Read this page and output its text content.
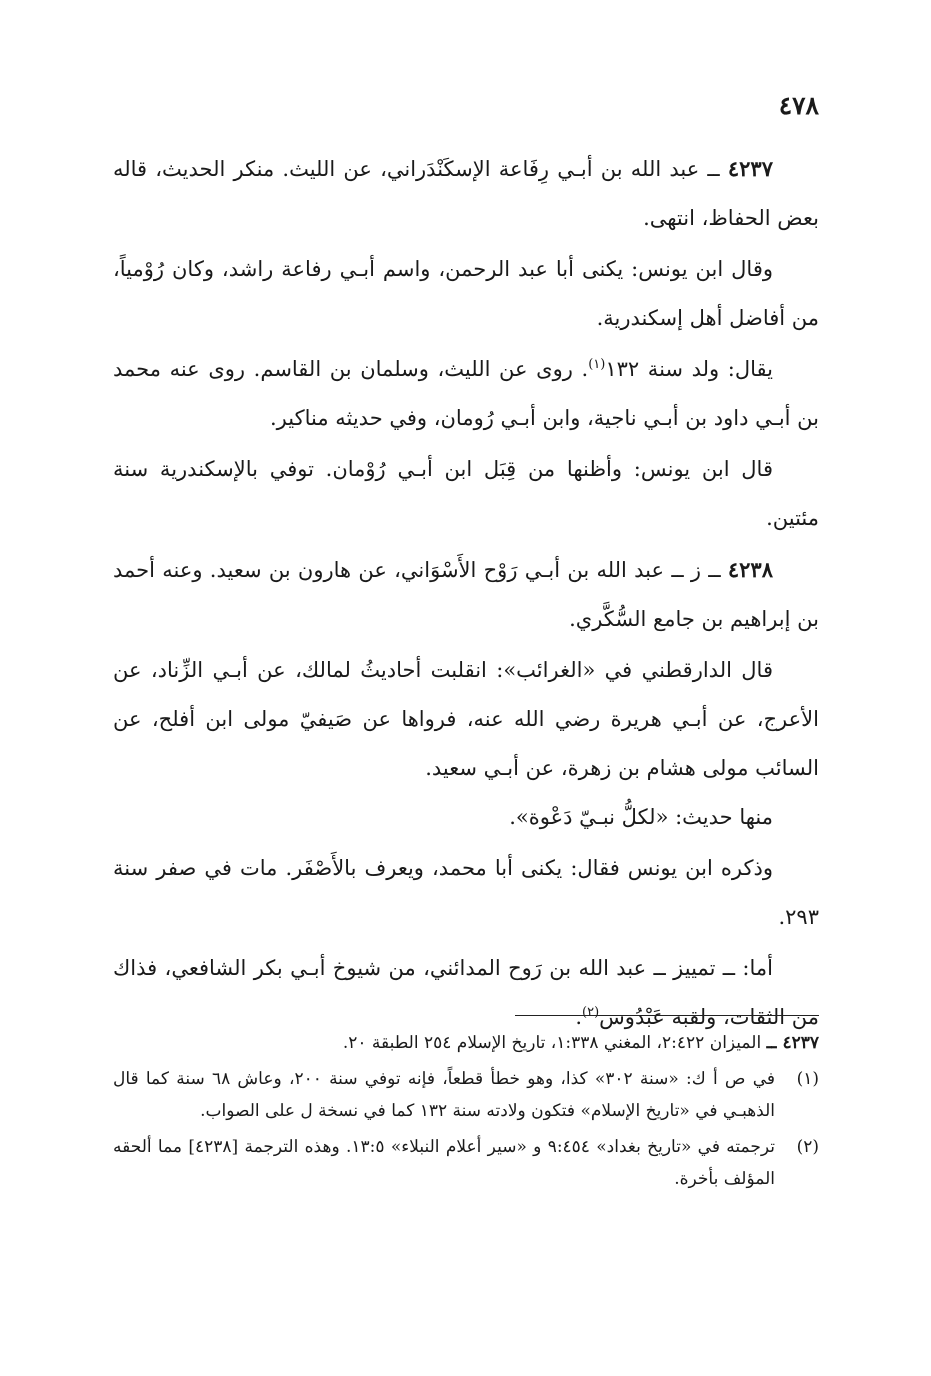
٤٧٨

٤٢٣٧ ــ عبد الله بن أبـي رِفَاعة الإسكَنْدَراني، عن الليث. منكر الحديث، قاله بعض الحفاظ، انتهى.

وقال ابن يونس: يكنى أبا عبد الرحمن، واسم أبـي رفاعة راشد، وكان رُوْمياً، من أفاضل أهل إسكندرية.

يقال: ولد سنة ١٣٢$^{(١)}$. روى عن الليث، وسلمان بن القاسم. روى عنه محمد بن أبـي داود بن أبـي ناجية، وابن أبـي رُومان، وفي حديثه مناكير.

قال ابن يونس: وأظنها من قِبَل ابن أبـي رُوْمان. توفي بالإسكندرية سنة مئتين.

٤٢٣٨ ــ ز ــ عبد الله بن أبـي رَوْح الأَسْوَاني، عن هارون بن سعيد. وعنه أحمد بن إبراهيم بن جامع السُّكَّري.

قال الدارقطني في «الغرائب»: انقلبت أحاديثُ لمالك، عن أبـي الزِّناد، عن الأعرج، عن أبـي هريرة رضي الله عنه، فرواها عن صَيفيّ مولى ابن أفلح، عن السائب مولى هشام بن زهرة، عن أبـي سعيد.

منها حديث: «لكلُّ نبـيّ دَعْوة».

وذكره ابن يونس فقال: يكنى أبا محمد، ويعرف بالأَصْفَر. مات في صفر سنة ٢٩٣.

أما: ــ تمييز ــ عبد الله بن رَوح المدائني، من شيوخ أبـي بكر الشافعي، فذاك من الثقات، ولقبه عَبْدُوس$^{(٢)}$.

٤٢٣٧ ــ الميزان ٢:٤٢٢، المغني ١:٣٣٨، تاريخ الإسلام ٢٥٤ الطبقة ٢٠.

(١)في ص أ ك: «سنة ٣٠٢» كذا، وهو خطأ قطعاً، فإنه توفي سنة ٢٠٠، وعاش ٦٨ سنة كما قال الذهبـي في «تاريخ الإسلام» فتكون ولادته سنة ١٣٢ كما في نسخة ل على الصواب.

(٢)ترجمته في «تاريخ بغداد» ٩:٤٥٤ و «سير أعلام النبلاء» ١٣:٥. وهذه الترجمة [٤٢٣٨] مما ألحقه المؤلف بأخرة.
